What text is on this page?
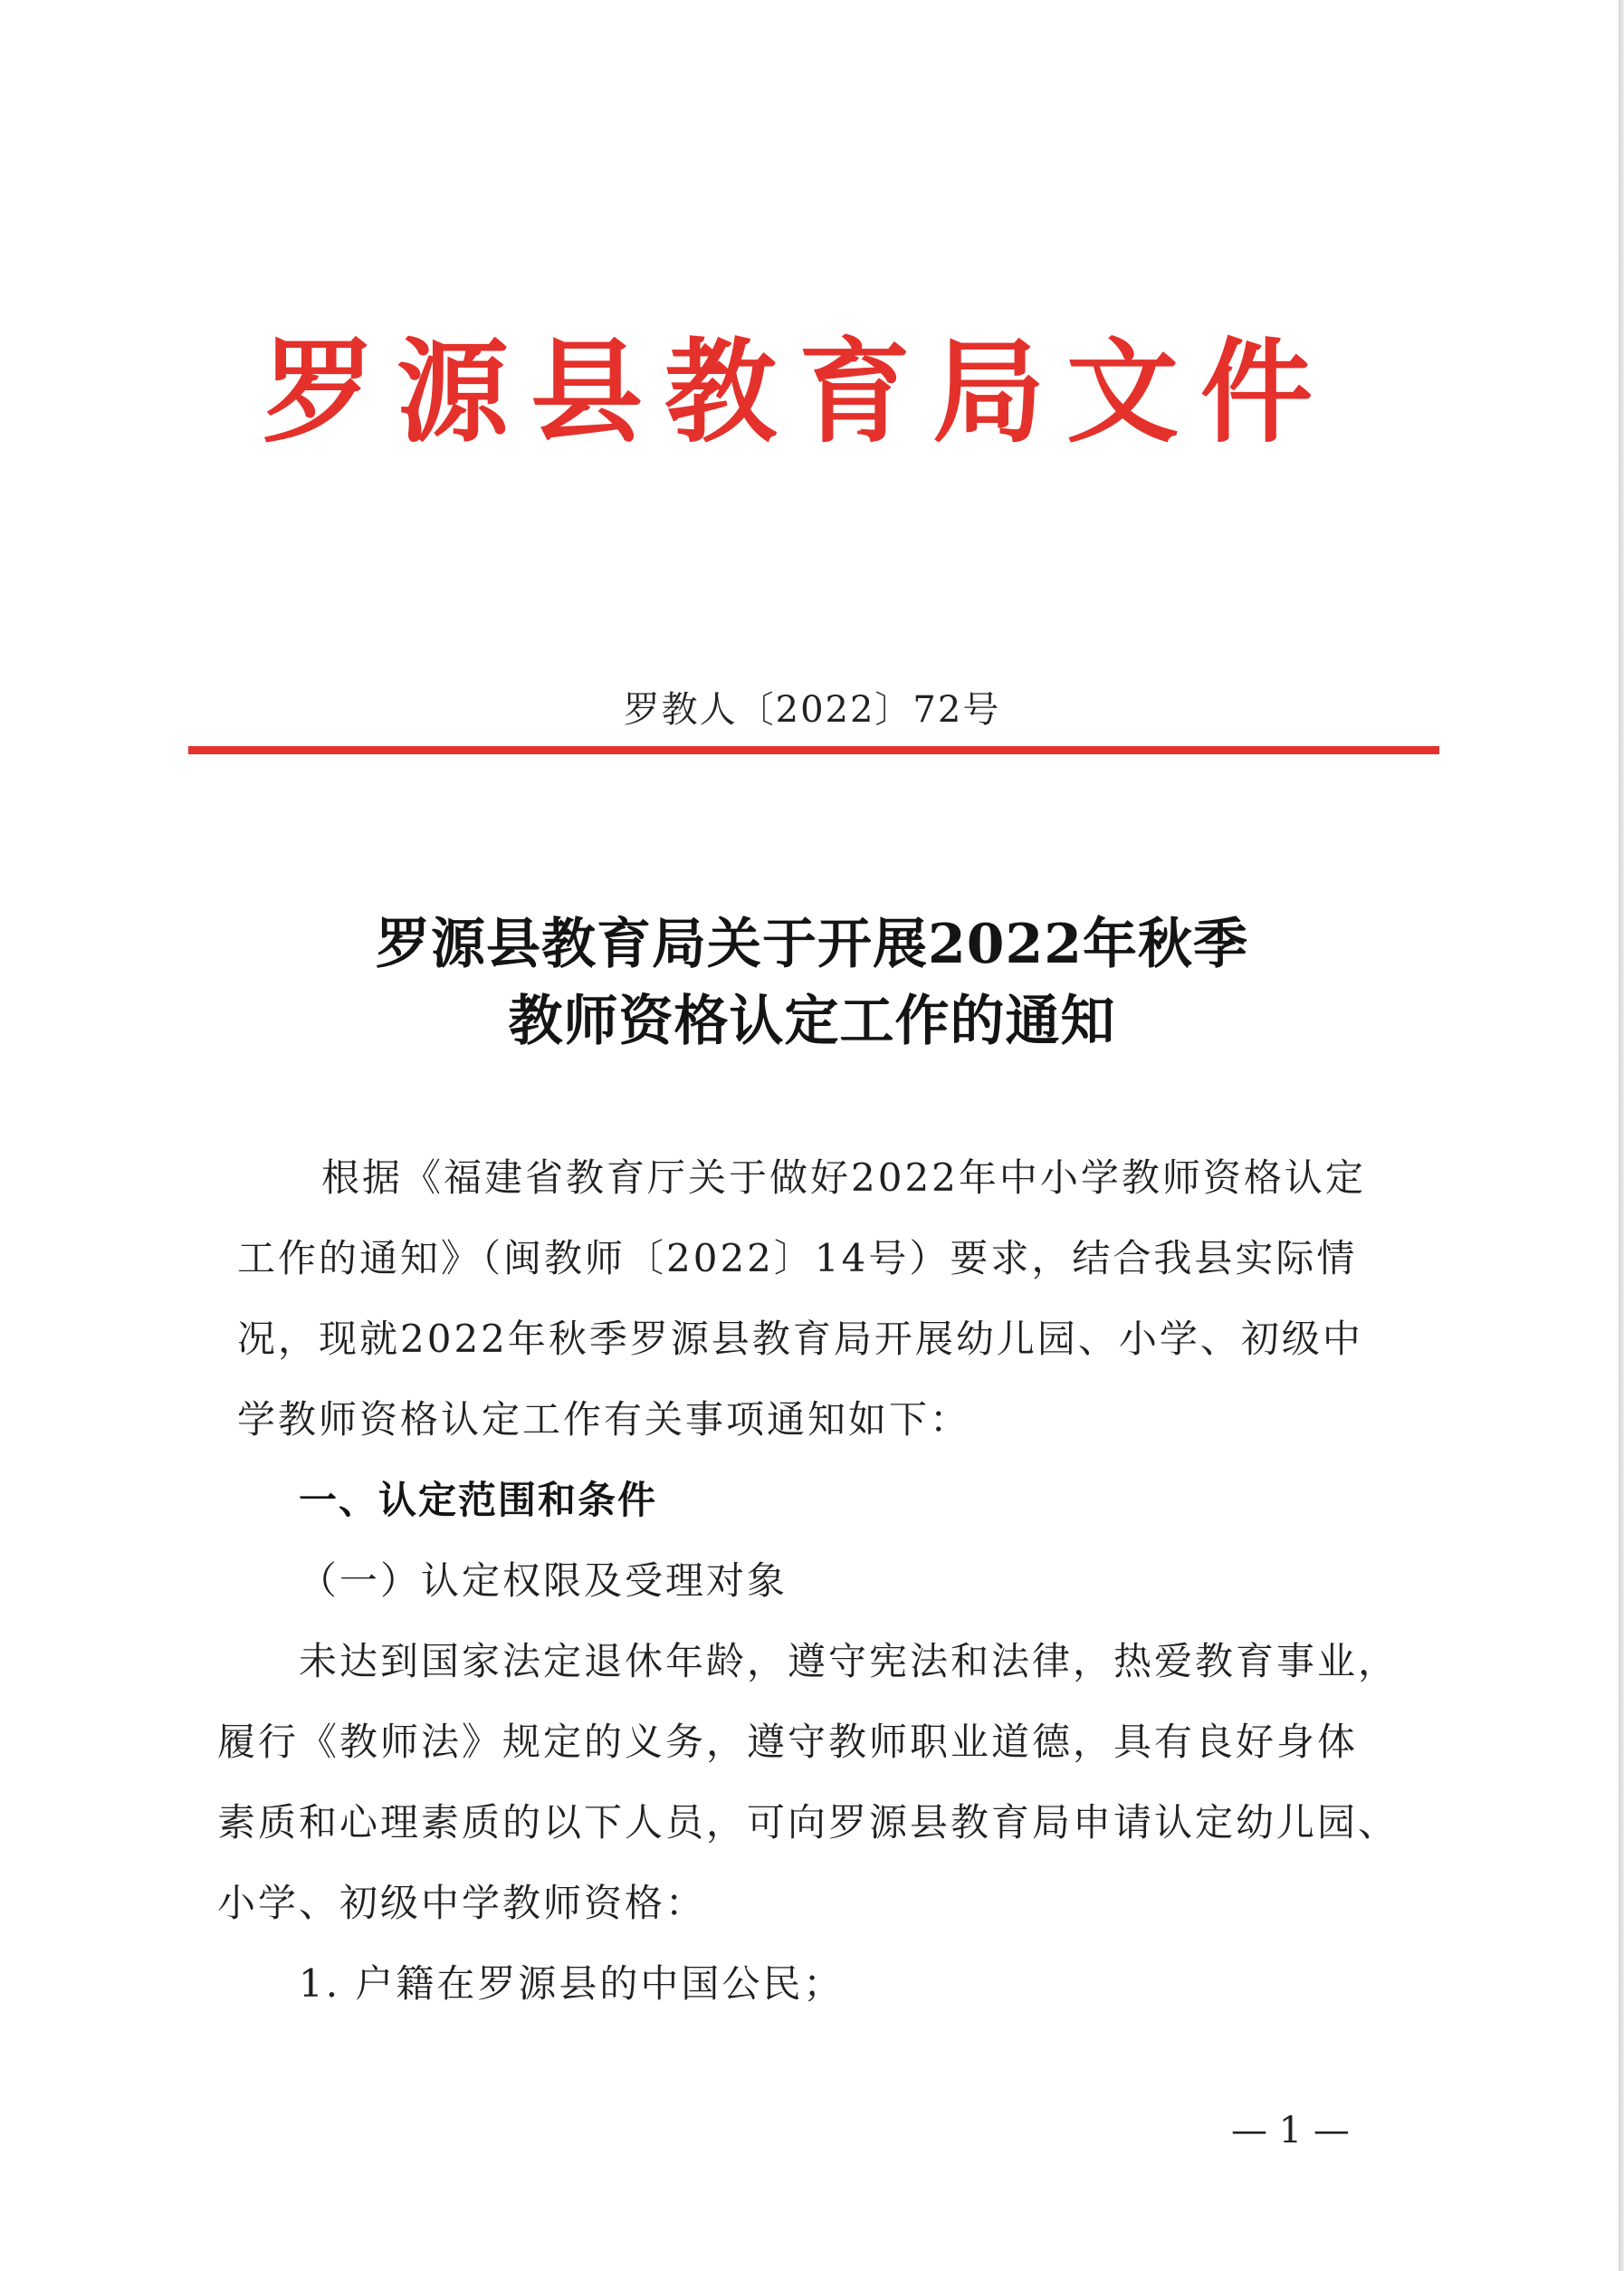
罗源县教育局文件
罗教人〔2022〕72号
罗源县教育局关于开展2022年秋季
教师资格认定工作的通知
根据《福建省教育厅关于做好2022年中小学教师资格认定
工作的通知》（闽教师〔2022〕14号）要求，结合我县实际情
况，现就2022年秋季罗源县教育局开展幼儿园、小学、初级中
学教师资格认定工作有关事项通知如下：
一、认定范围和条件
（一）认定权限及受理对象
未达到国家法定退休年龄，遵守宪法和法律，热爱教育事业，
履行《教师法》规定的义务，遵守教师职业道德，具有良好身体
素质和心理素质的以下人员，可向罗源县教育局申请认定幼儿园、
小学、初级中学教师资格：
1. 户籍在罗源县的中国公民；
— 1 —
